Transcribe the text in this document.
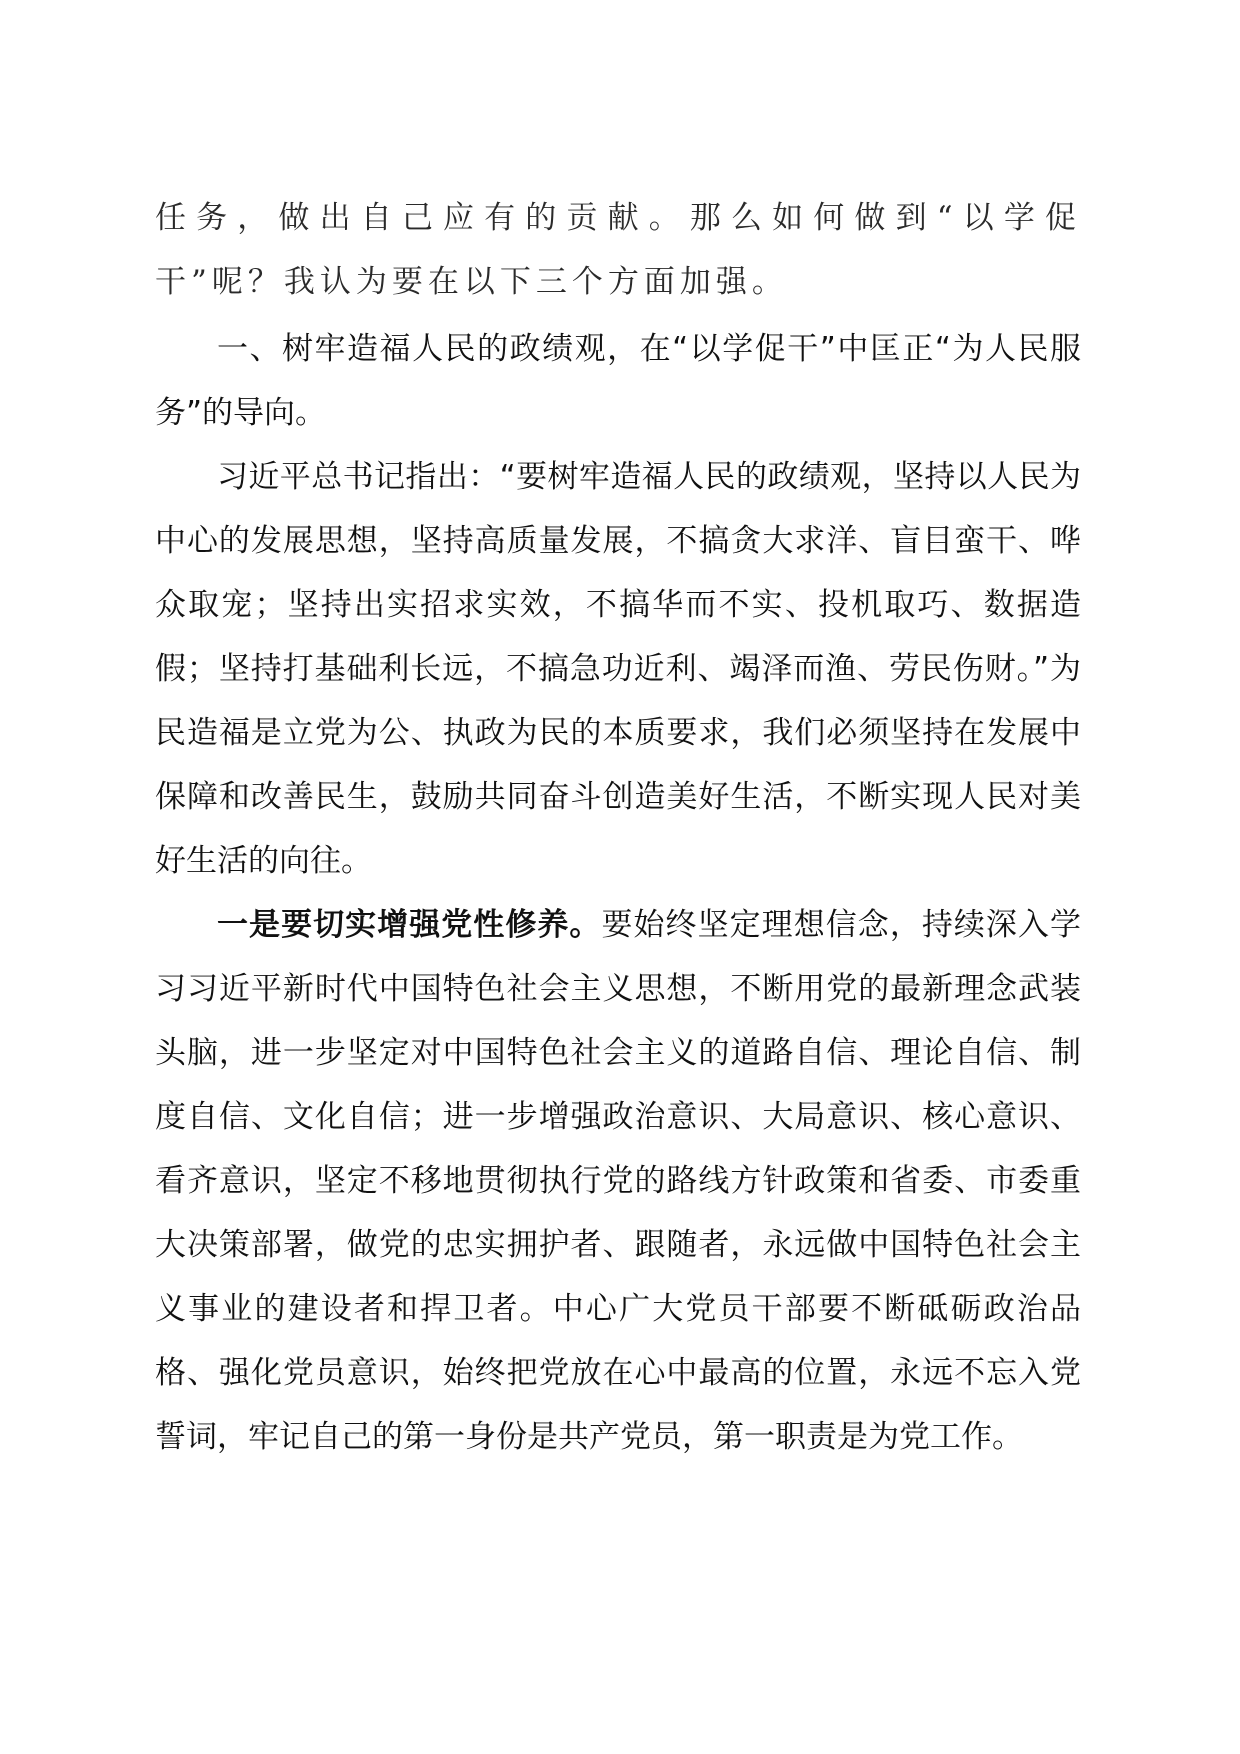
任务，做出自己应有的贡献。那么如何做到“以学促干”呢？我认为要在以下三个方面加强。

一、树牢造福人民的政绩观，在“以学促干”中匡正“为人民服务”的导向。

习近平总书记指出：“要树牢造福人民的政绩观，坚持以人民为中心的发展思想，坚持高质量发展，不搞贪大求洋、盲目蛮干、哗众取宠；坚持出实招求实效，不搞华而不实、投机取巧、数据造假；坚持打基础利长远，不搞急功近利、竭泽而渔、劳民伤财。”为民造福是立党为公、执政为民的本质要求，我们必须坚持在发展中保障和改善民生，鼓励共同奋斗创造美好生活，不断实现人民对美好生活的向往。

一是要切实增强党性修养。要始终坚定理想信念，持续深入学习习近平新时代中国特色社会主义思想，不断用党的最新理念武装头脑，进一步坚定对中国特色社会主义的道路自信、理论自信、制度自信、文化自信；进一步增强政治意识、大局意识、核心意识、看齐意识，坚定不移地贯彻执行党的路线方针政策和省委、市委重大决策部署，做党的忠实拥护者、跟随者，永远做中国特色社会主义事业的建设者和捍卫者。中心广大党员干部要不断砥砺政治品格、强化党员意识，始终把党放在心中最高的位置，永远不忘入党誓词，牢记自己的第一身份是共产党员，第一职责是为党工作。
